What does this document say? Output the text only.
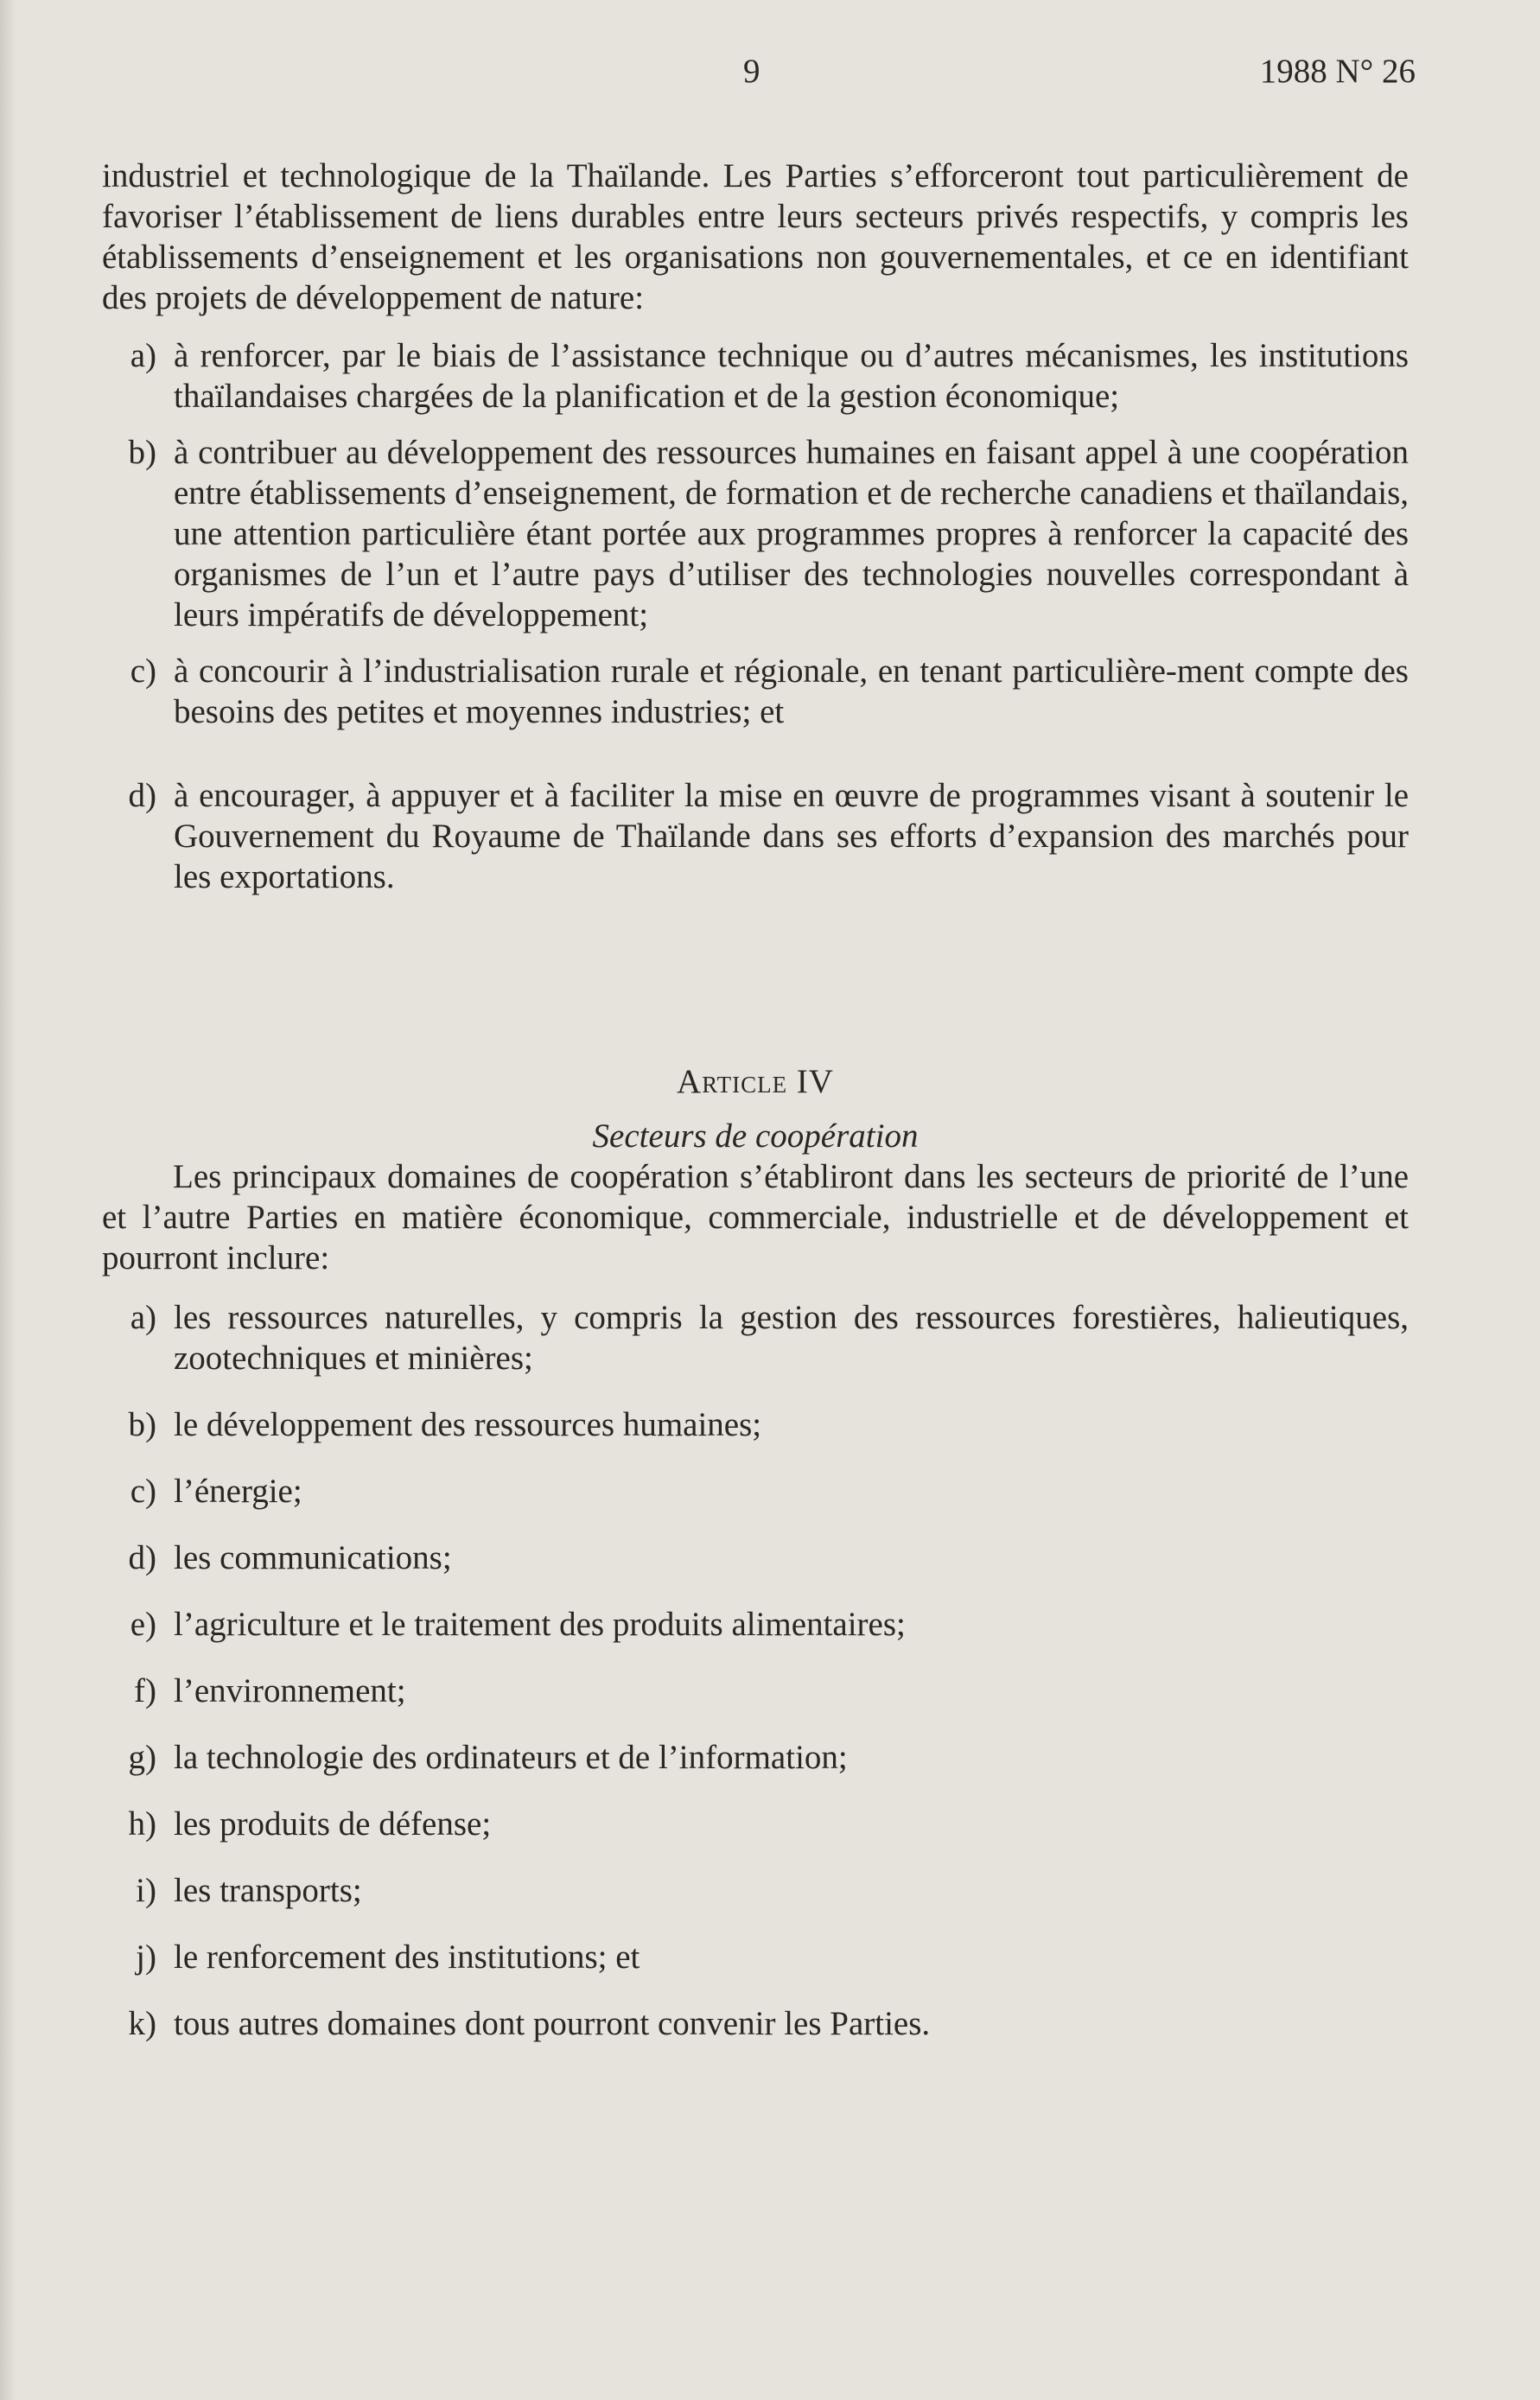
9	1988 N° 26

industriel et technologique de la Thaïlande. Les Parties s’efforceront tout particulièrement de favoriser l’établissement de liens durables entre leurs secteurs privés respectifs, y compris les établissements d’enseignement et les organisations non gouvernementales, et ce en identifiant des projets de développement de nature:

a) à renforcer, par le biais de l’assistance technique ou d’autres mécanismes, les institutions thaïlandaises chargées de la planification et de la gestion économique;
b) à contribuer au développement des ressources humaines en faisant appel à une coopération entre établissements d’enseignement, de formation et de recherche canadiens et thaïlandais, une attention particulière étant portée aux programmes propres à renforcer la capacité des organismes de l’un et l’autre pays d’utiliser des technologies nouvelles correspondant à leurs impératifs de développement;
c) à concourir à l’industrialisation rurale et régionale, en tenant particulière-ment compte des besoins des petites et moyennes industries; et
d) à encourager, à appuyer et à faciliter la mise en œuvre de programmes visant à soutenir le Gouvernement du Royaume de Thaïlande dans ses efforts d’expansion des marchés pour les exportations.
Article IV
Secteurs de coopération

Les principaux domaines de coopération s’établiront dans les secteurs de priorité de l’une et l’autre Parties en matière économique, commerciale, industrielle et de développement et pourront inclure:

a) les ressources naturelles, y compris la gestion des ressources forestières, halieutiques, zootechniques et minières;
b) le développement des ressources humaines;
c) l’énergie;
d) les communications;
e) l’agriculture et le traitement des produits alimentaires;
f) l’environnement;
g) la technologie des ordinateurs et de l’information;
h) les produits de défense;
i) les transports;
j) le renforcement des institutions; et
k) tous autres domaines dont pourront convenir les Parties.
